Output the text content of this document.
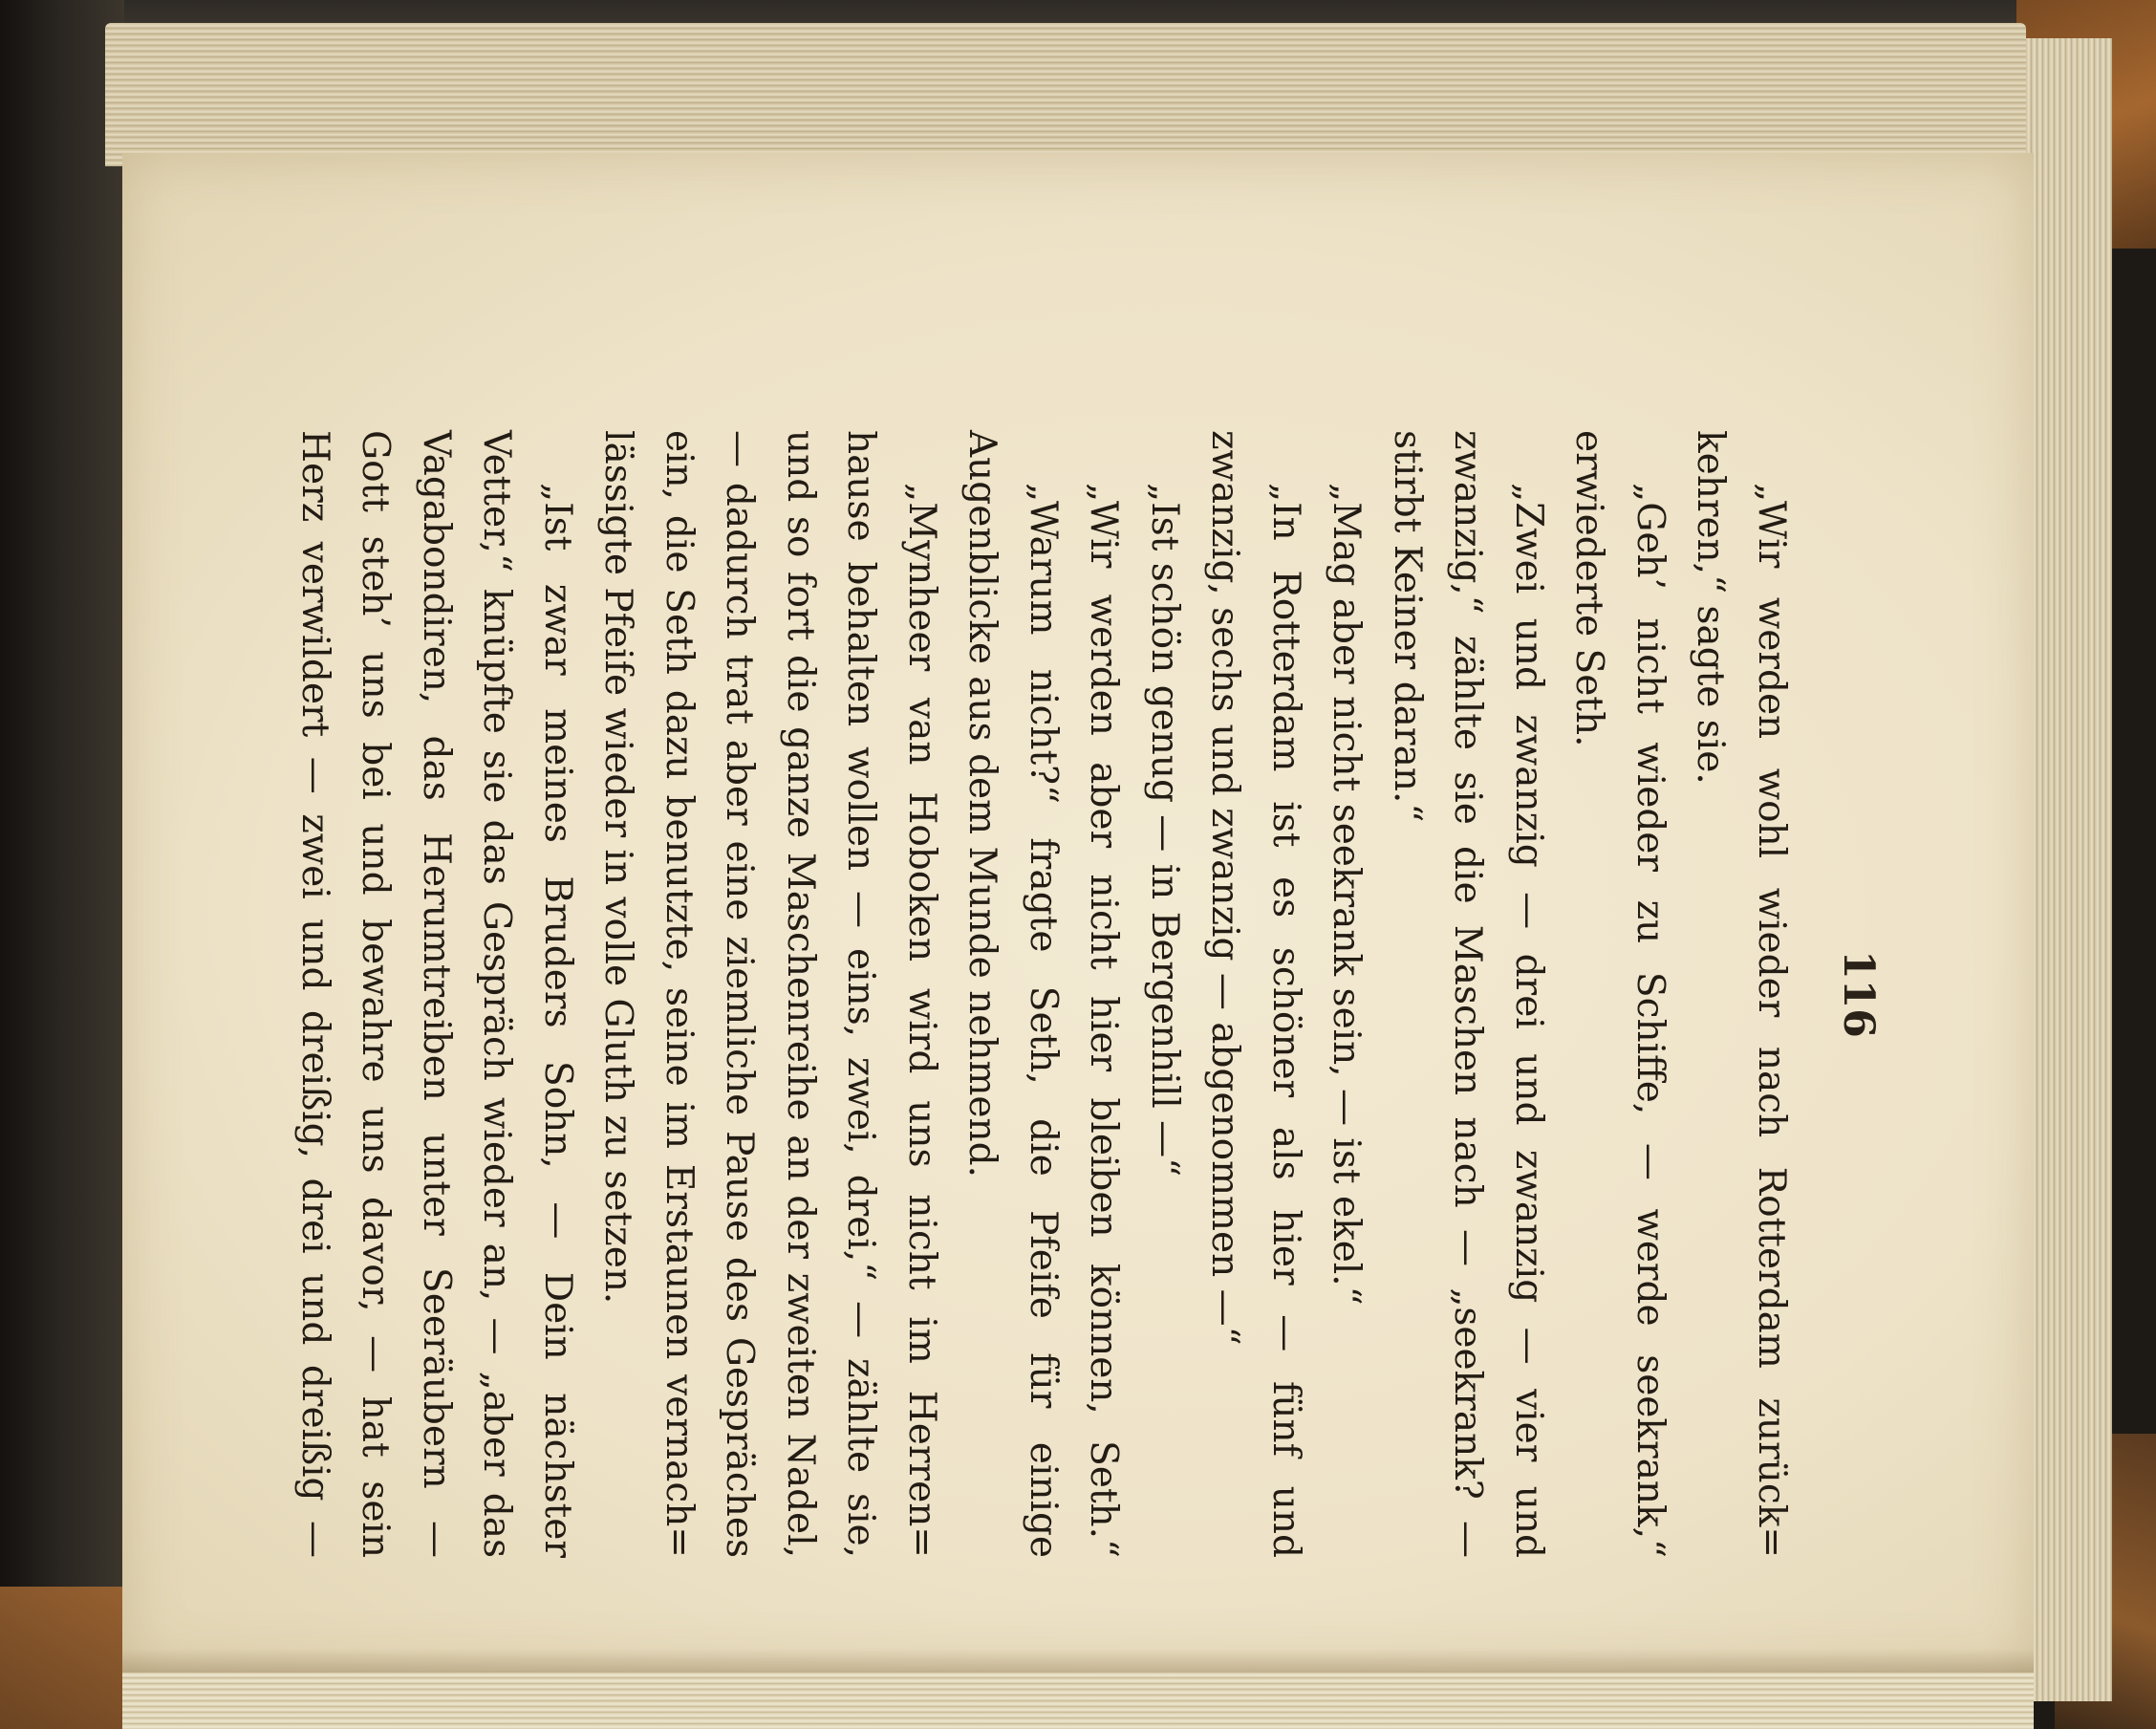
116
„Wir werden wohl wieder nach Rotterdam zurück=
kehren,“ sagte sie.
„Geh’ nicht wieder zu Schiffe, — werde seekrank,“
erwiederte Seth.
„Zwei und zwanzig — drei und zwanzig — vier und
zwanzig,“ zählte sie die Maschen nach — „seekrank? —
stirbt Keiner daran.“
„Mag aber nicht seekrank sein, — ist ekel.“
„In Rotterdam ist es schöner als hier — fünf und
zwanzig, sechs und zwanzig — abgenommen —“
„Ist schön genug — in Bergenhill —“
„Wir werden aber nicht hier bleiben können, Seth.“
„Warum nicht?“ fragte Seth, die Pfeife für einige
Augenblicke aus dem Munde nehmend.
„Mynheer van Hoboken wird uns nicht im Herren=
hause behalten wollen — eins, zwei, drei,“ — zählte sie,
und so fort die ganze Maschenreihe an der zweiten Nadel,
— dadurch trat aber eine ziemliche Pause des Gespräches
ein, die Seth dazu benutzte, seine im Erstaunen vernach=
lässigte Pfeife wieder in volle Gluth zu setzen.
„Ist zwar meines Bruders Sohn, — Dein nächster
Vetter,“ knüpfte sie das Gespräch wieder an, — „aber das
Vagabondiren, das Herumtreiben unter Seeräubern —
Gott steh’ uns bei und bewahre uns davor, — hat sein
Herz verwildert — zwei und dreißig, drei und dreißig —
